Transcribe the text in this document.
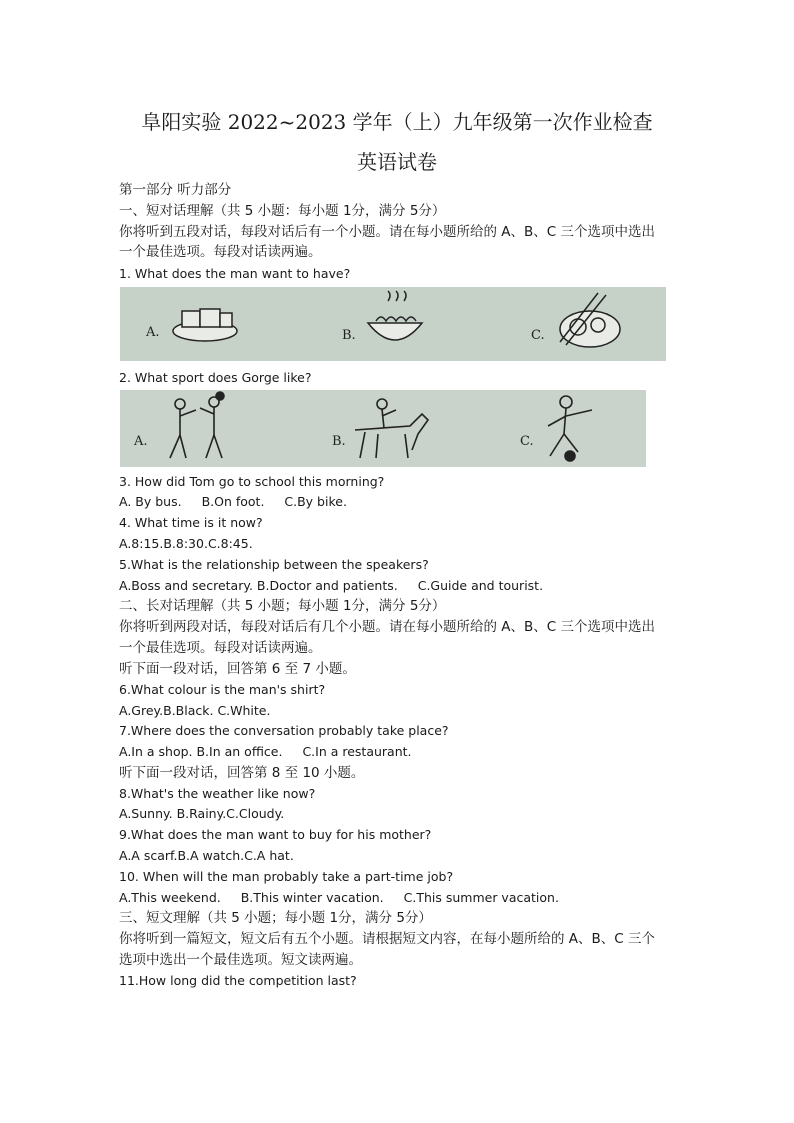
阜阳实验 2022~2023 学年（上）九年级第一次作业检查
英语试卷
第一部分 听力部分
一、短对话理解（共 5 小题：每小题 1分，满分 5分）
你将听到五段对话，每段对话后有一个小题。请在每小题所给的 A、B、C 三个选项中选出
一个最佳选项。每段对话读两遍。
1. What does the man want to have?
A.	B.	C.
2. What sport does Gorge like?
A.	B.	C.
3. How did Tom go to school this morning?
A. By bus. B.On foot. C.By bike.
4. What time is it now?
A.8:15.B.8:30.C.8:45.
5.What is the relationship between the speakers?
A.Boss and secretary. B.Doctor and patients. C.Guide and tourist.
二、长对话理解（共 5 小题；每小题 1分，满分 5分）
你将听到两段对话，每段对话后有几个小题。请在每小题所给的 A、B、C 三个选项中选出
一个最佳选项。每段对话读两遍。
听下面一段对话，回答第 6 至 7 小题。
6.What colour is the man's shirt?
A.Grey.B.Black. C.White.
7.Where does the conversation probably take place?
A.In a shop. B.In an office. C.In a restaurant.
听下面一段对话，回答第 8 至 10 小题。
8.What's the weather like now?
A.Sunny. B.Rainy.C.Cloudy.
9.What does the man want to buy for his mother?
A.A scarf.B.A watch.C.A hat.
10. When will the man probably take a part-time job?
A.This weekend. B.This winter vacation. C.This summer vacation.
三、短文理解（共 5 小题；每小题 1分，满分 5分）
你将听到一篇短文，短文后有五个小题。请根据短文内容，在每小题所给的 A、B、C 三个
选项中选出一个最佳选项。短文读两遍。
11.How long did the competition last?
